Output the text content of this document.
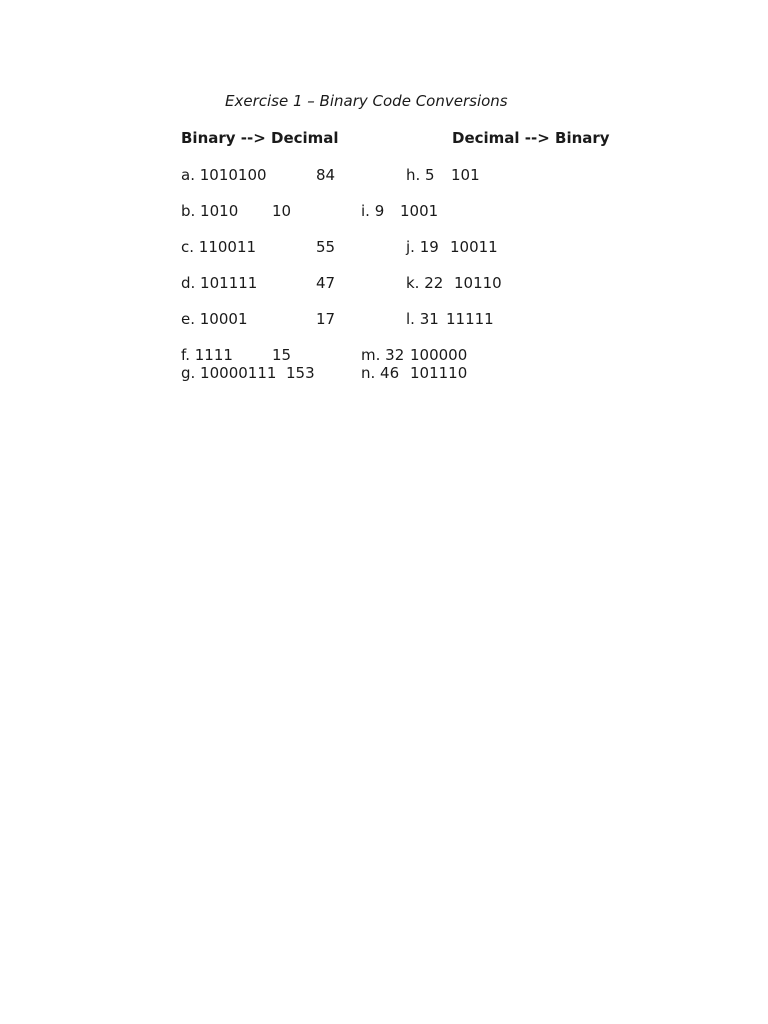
Exercise 1 – Binary Code Conversions
Binary --> Decimal	Decimal --> Binary
a. 1010100	84	h. 5 101
b. 1010 10	i. 9 1001
c. 110011	55	j. 19 10011
d. 101111	47	k. 22 10110
e. 10001	17	l. 31 11111
f. 1111	15	m. 32 100000
g. 10000111 153	n. 46 101110
